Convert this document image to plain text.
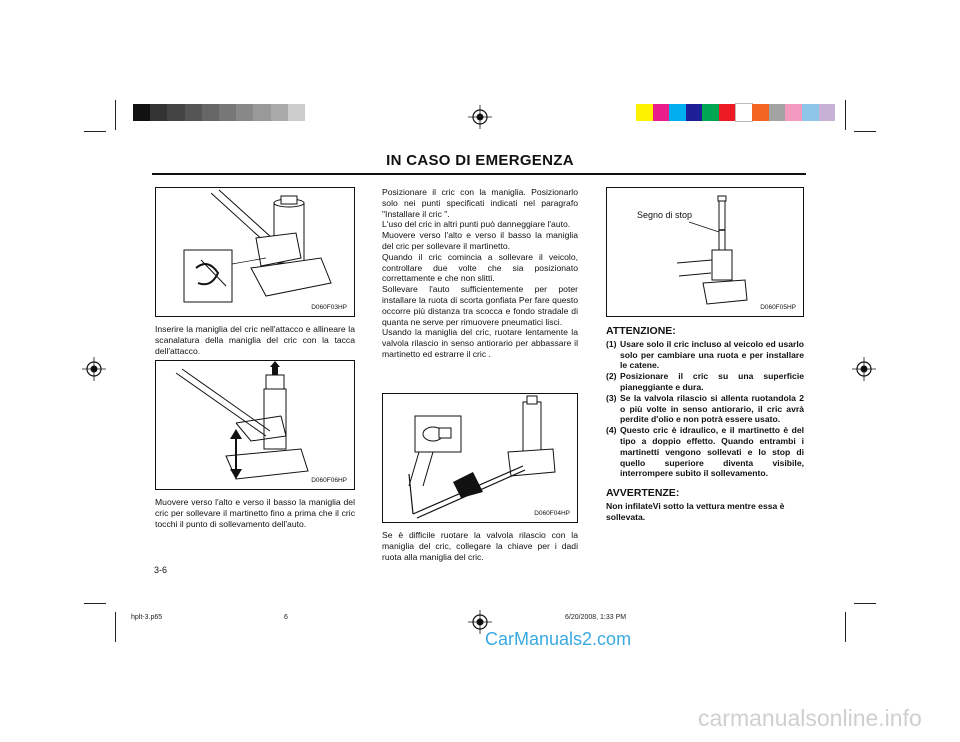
IN CASO DI EMERGENZA
D060F03HP
Inserire la maniglia del cric nell'attacco e allineare la scanalatura della maniglia del cric con la tacca dell'attacco.
D060F06HP
Muovere verso l'alto e verso il basso la maniglia del cric per sollevare il martinetto fino a prima che il cric tocchi il punto di sollevamento dell'auto.
Posizionare il cric con la maniglia. Posizionarlo solo nei punti specificati indicati nel paragrafo "Installare il cric ".
L'uso del cric in altri punti può danneggiare l'auto.
Muovere verso l'alto e verso il basso la maniglia del cric per sollevare il martinetto.
Quando il cric comincia a sollevare il veicolo, controllare due volte che sia posizionato correttamente e che non slitti.
Sollevare l'auto sufficientemente per poter installare la ruota di scorta gonfiata Per fare questo occorre più distanza tra scocca e fondo stradale di quanta ne serve per rimuovere pneumatici lisci.
Usando la maniglia del cric, ruotare lentamente la valvola rilascio in senso antiorario per abbassare il martinetto ed estrarre il cric .
D060F04HP
Se è difficile ruotare la valvola rilascio con la maniglia del cric, collegare la chiave per i dadi ruota alla maniglia del cric.
Segno di stop
D060F05HP
ATTENZIONE:
(1) Usare solo il cric incluso al veicolo ed usarlo solo per cambiare una ruota e per installare le catene.
(2) Posizionare il cric su una superficie pianeggiante e dura.
(3) Se la valvola rilascio si allenta ruotandola 2 o più volte in senso antiorario, il cric avrà perdite d'olio e non potrà essere usato.
(4) Questo cric è idraulico, e il martinetto è del tipo a doppio effetto. Quando entrambi i martinetti vengono sollevati e lo stop di quello superiore diventa visibile, interrompere subito il sollevamento.
AVVERTENZE:
Non infilateVi sotto la vettura mentre essa è sollevata.
3-6
hplt-3.p65	6	6/20/2008, 1:33 PM
CarManuals2.com
carmanualsonline.info
